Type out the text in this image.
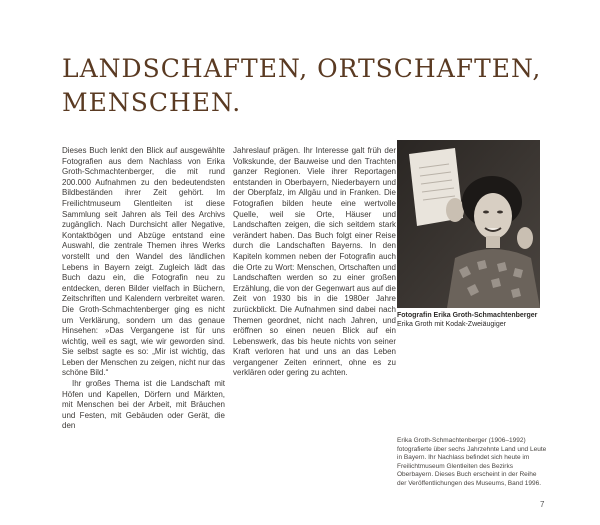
LANDSCHAFTEN, ORTSCHAFTEN,
MENSCHEN.

Dieses Buch lenkt den Blick auf ausgewählte Fotografien aus dem Nachlass von Erika Groth-Schmachtenberger, die mit rund 200.000 Aufnahmen zu den bedeutendsten Bildbeständen ihrer Zeit gehört. Im Freilichtmuseum Glentleiten ist diese Sammlung seit Jahren als Teil des Archivs zugänglich. Nach Durchsicht aller Negative, Kontaktbögen und Abzüge entstand eine Auswahl, die zentrale Themen ihres Werks vorstellt und den Wandel des ländlichen Lebens in Bayern zeigt. Zugleich lädt das Buch dazu ein, die Fotografin neu zu entdecken, deren Bilder vielfach in Büchern, Zeitschriften und Kalendern verbreitet waren. Die Groth-Schmachtenberger ging es nicht um Verklärung, sondern um das genaue Hinsehen: »Das Vergangene ist für uns wichtig, weil es sagt, wie wir geworden sind. Sie selbst sagte es so: „Mir ist wichtig, das Leben der Menschen zu zeigen, nicht nur das schöne Bild.“

Ihr großes Thema ist die Landschaft mit Höfen und Kapellen, Dörfern und Märkten, mit Menschen bei der Arbeit, mit Bräuchen und Festen, mit Gebäuden oder Gerät, die den

Jahreslauf prägen. Ihr Interesse galt früh der Volkskunde, der Bauweise und den Trachten ganzer Regionen. Viele ihrer Reportagen entstanden in Oberbayern, Niederbayern und der Oberpfalz, im Allgäu und in Franken. Die Fotografien bilden heute eine wertvolle Quelle, weil sie Orte, Häuser und Landschaften zeigen, die sich seitdem stark verändert haben. Das Buch folgt einer Reise durch die Landschaften Bayerns. In den Kapiteln kommen neben der Fotografin auch die Orte zu Wort: Menschen, Ortschaften und Landschaften werden so zu einer großen Erzählung, die von der Gegenwart aus auf die Zeit von 1930 bis in die 1980er Jahre zurückblickt. Die Aufnahmen sind dabei nach Themen geordnet, nicht nach Jahren, und eröffnen so einen neuen Blick auf ein Lebenswerk, das bis heute nichts von seiner Kraft verloren hat und uns an das Leben vergangener Zeiten erinnert, ohne es zu verklären oder gering zu achten.

Fotografin Erika Groth-Schmachtenberger

Erika Groth mit Kodak-Zweiäugiger

Erika Groth-Schmachtenberger (1906–1992) fotografierte über sechs Jahrzehnte Land und Leute in Bayern. Ihr Nachlass befindet sich heute im Freilichtmuseum Glentleiten des Bezirks Oberbayern. Dieses Buch erscheint in der Reihe der Veröffentlichungen des Museums, Band 1996.

7
